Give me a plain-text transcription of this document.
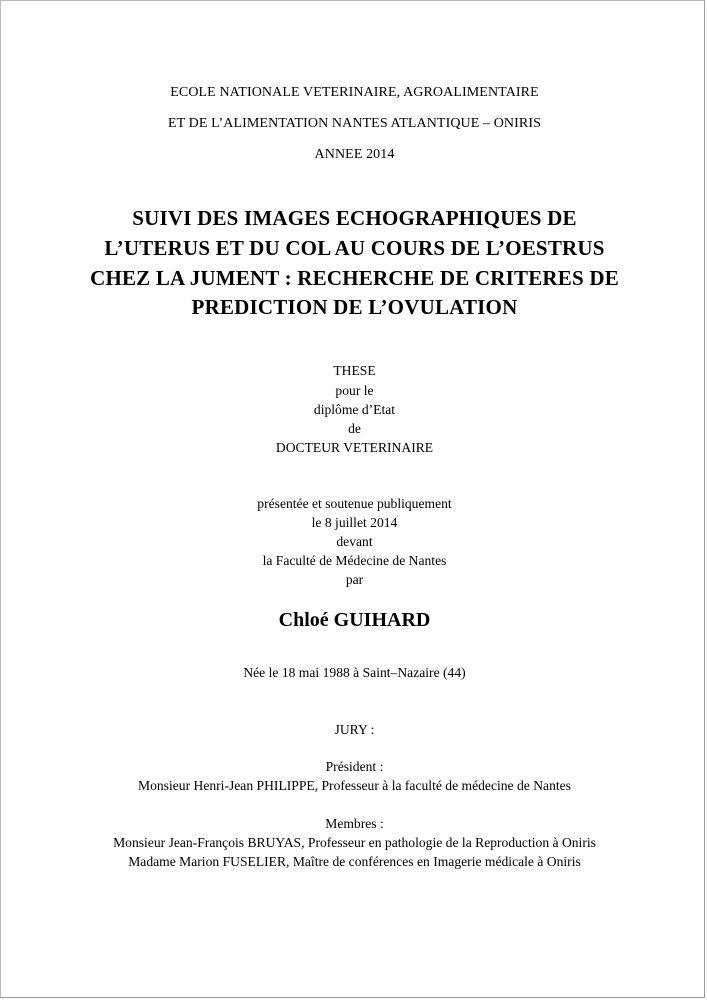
ECOLE NATIONALE VETERINAIRE, AGROALIMENTAIRE
ET DE L’ALIMENTATION NANTES ATLANTIQUE – ONIRIS
ANNEE 2014
SUIVI DES IMAGES ECHOGRAPHIQUES DE
L’UTERUS ET DU COL AU COURS DE L’OESTRUS
CHEZ LA JUMENT : RECHERCHE DE CRITERES DE
PREDICTION DE L’OVULATION
THESE
pour le
diplôme d’Etat
de
DOCTEUR VETERINAIRE
présentée et soutenue publiquement
le 8 juillet 2014
devant
la Faculté de Médecine de Nantes
par
Chloé GUIHARD
Née le 18 mai 1988 à Saint–Nazaire (44)
JURY :
Président :
Monsieur Henri-Jean PHILIPPE, Professeur à la faculté de médecine de Nantes
Membres :
Monsieur Jean-François BRUYAS, Professeur en pathologie de la Reproduction à Oniris
Madame Marion FUSELIER, Maître de conférences en Imagerie médicale à Oniris
